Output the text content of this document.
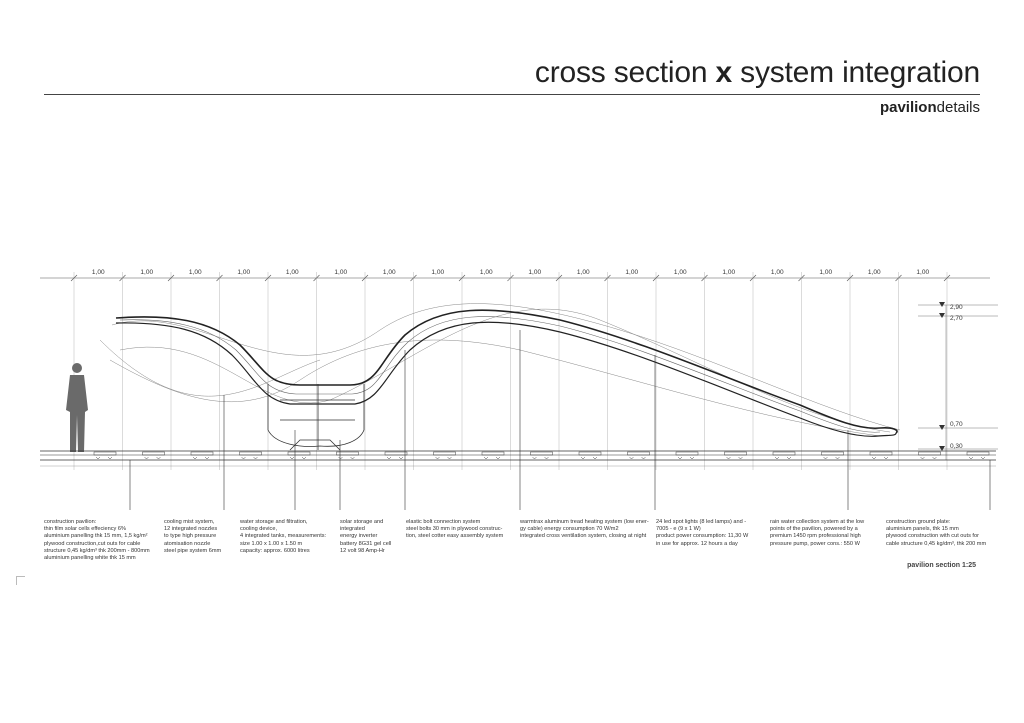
cross section x system integration
paviliondetails
1,00	1,00	1,00	1,00	1,00	1,00	1,00	1,00	1,00	1,00	1,00	1,00	1,00	1,00	1,00	1,00	1,00	1,00
2,90
2,70
0,70
0,30
construction pavilion:
thin film solar cells effeciency 6%
aluminium panelling thk 15 mm, 1,5 kg/m²
plywood construction,cut outs for cable
structure 0,45 kg/dm³ thk 200mm - 800mm
aluminium panelling white thk 15 mm
cooling mist system,
12 integrated nozzles
to type high pressure
atomisation nozzle
steel pipe system 6mm
water storage and filtration,
cooling device,
4 integrated tanks, measurements:
size 1.00 x 1.00 x 1.50 m
capacity: approx. 6000 litres
solar storage and
integrated
energy inverter
battery 8G31 gel cell
12 volt 98 Amp-Hr
elastic bolt connection system
steel bolts 30 mm in plywood construc-
tion, steel cotter easy assembly system
warmtrax aluminum tread heating system (low ener-
gy cable) energy consumption 70 W/m2
integrated cross ventilation system, closing at night
24 led spot lights (8 led lamps) and -
7005 - e (9 x 1 W)
product power consumption: 11,30 W
in use for approx. 12 hours a day
rain water collection system at the low
points of the pavilion, powered by a
premium 1450 rpm professional high
pressure pump, power cons.: 550 W
construction ground plate:
aluminium panels, thk 15 mm
plywood construction with cut outs for
cable structure 0,45 kg/dm³, thk 200 mm
pavilion section 1:25
